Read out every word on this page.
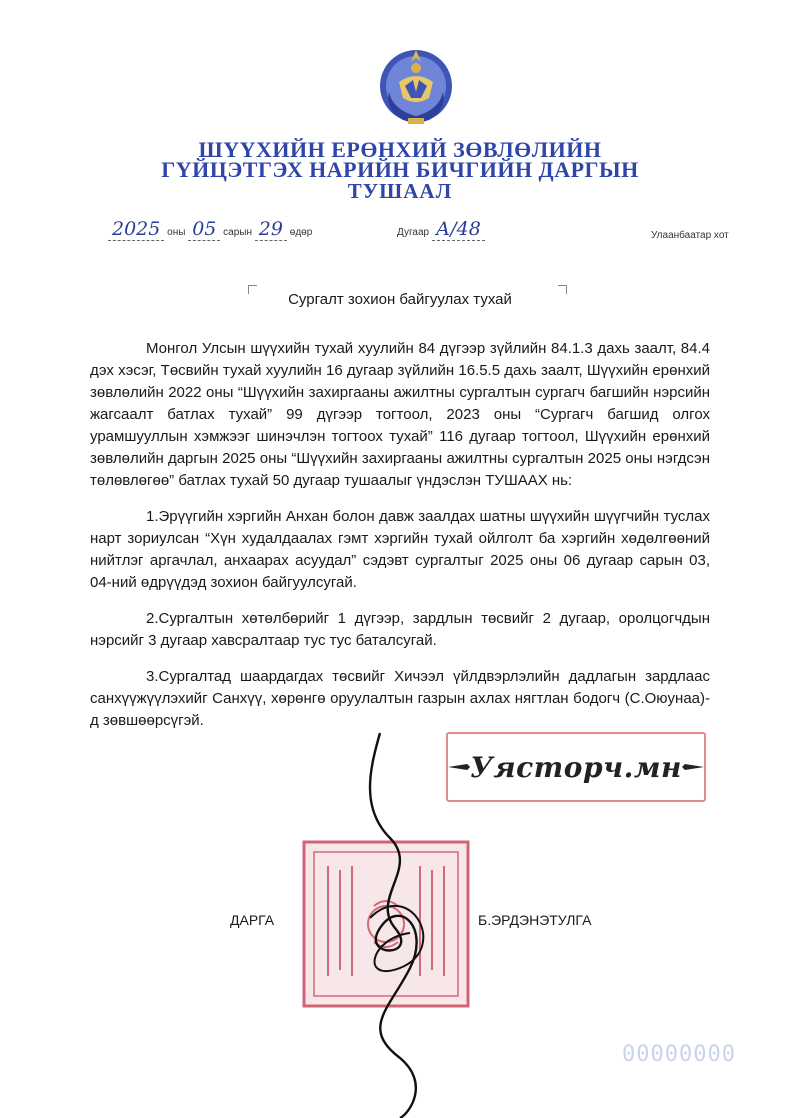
ШҮҮХИЙН ЕРӨНХИЙ ЗӨВЛӨЛИЙН
ГҮЙЦЭТГЭХ НАРИЙН БИЧГИЙН ДАРГЫН
ТУШААЛ
2025 оны 05 сарын 29 өдөр	Дугаар А/48	Улаанбаатар хот
Сургалт зохион байгуулах тухай

Монгол Улсын шүүхийн тухай хуулийн 84 дүгээр зүйлийн 84.1.3 дахь заалт, 84.4 дэх хэсэг, Төсвийн тухай хуулийн 16 дугаар зүйлийн 16.5.5 дахь заалт, Шүүхийн ерөнхий зөвлөлийн 2022 оны “Шүүхийн захиргааны ажилтны сургалтын сургагч багшийн нэрсийн жагсаалт батлах тухай” 99 дүгээр тогтоол, 2023 оны “Сургагч багшид олгох урамшууллын хэмжээг шинэчлэн тогтоох тухай” 116 дугаар тогтоол, Шүүхийн ерөнхий зөвлөлийн даргын 2025 оны “Шүүхийн захиргааны ажилтны сургалтын 2025 оны нэгдсэн төлөвлөгөө” батлах тухай 50 дугаар тушаалыг үндэслэн ТУШААХ нь:

1.Эрүүгийн хэргийн Анхан болон давж заалдах шатны шүүхийн шүүгчийн туслах нарт зориулсан “Хүн худалдаалах гэмт хэргийн тухай ойлголт ба хэргийн хөдөлгөөний нийтлэг аргачлал, анхаарах асуудал” сэдэвт сургалтыг 2025 оны 06 дугаар сарын 03, 04-ний өдрүүдэд зохион байгуулсугай.

2.Сургалтын хөтөлбөрийг 1 дүгээр, зардлын төсвийг 2 дугаар, оролцогчдын нэрсийг 3 дугаар хавсралтаар тус тус баталсугай.

3.Сургалтад шаардагдах төсвийг Хичээл үйлдвэрлэлийн дадлагын зардлаас санхүүжүүлэхийг Санхүү, хөрөнгө оруулалтын газрын ахлах нягтлан бодогч (С.Оюунаа)-д зөвшөөрсүгэй.

Уясторч.мн
ДАРГА	Б.ЭРДЭНЭТУЛГА
00000000
